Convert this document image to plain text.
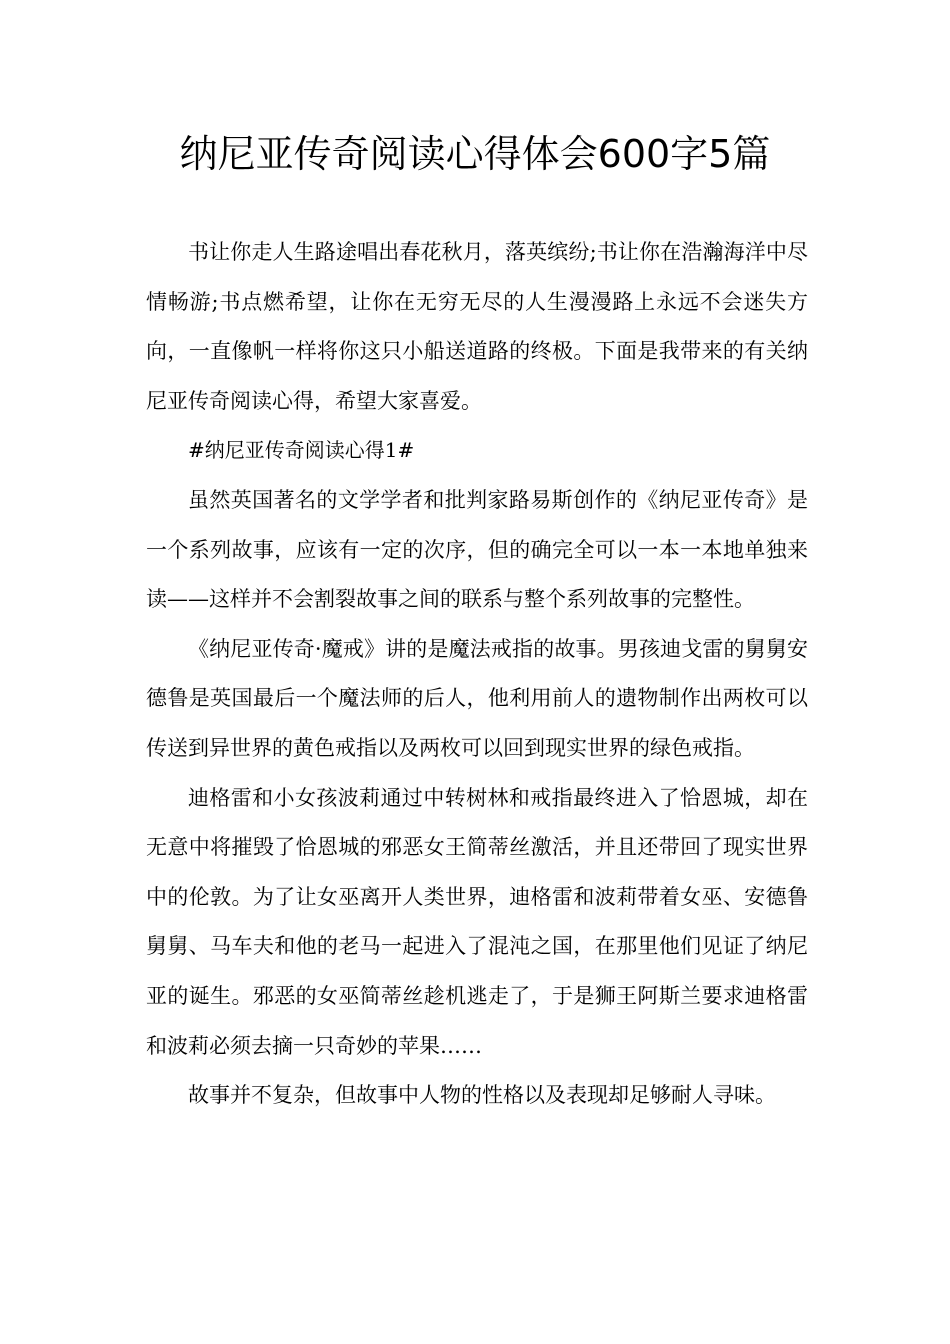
纳尼亚传奇阅读心得体会600字5篇

书让你走人生路途唱出春花秋月，落英缤纷;书让你在浩瀚海洋中尽情畅游;书点燃希望，让你在无穷无尽的人生漫漫路上永远不会迷失方向，一直像帆一样将你这只小船送道路的终极。下面是我带来的有关纳尼亚传奇阅读心得，希望大家喜爱。

#纳尼亚传奇阅读心得1#

虽然英国著名的文学学者和批判家路易斯创作的《纳尼亚传奇》是一个系列故事，应该有一定的次序，但的确完全可以一本一本地单独来读——这样并不会割裂故事之间的联系与整个系列故事的完整性。

《纳尼亚传奇·魔戒》讲的是魔法戒指的故事。男孩迪戈雷的舅舅安德鲁是英国最后一个魔法师的后人，他利用前人的遗物制作出两枚可以传送到异世界的黄色戒指以及两枚可以回到现实世界的绿色戒指。

迪格雷和小女孩波莉通过中转树林和戒指最终进入了恰恩城，却在无意中将摧毁了恰恩城的邪恶女王简蒂丝激活，并且还带回了现实世界中的伦敦。为了让女巫离开人类世界，迪格雷和波莉带着女巫、安德鲁舅舅、马车夫和他的老马一起进入了混沌之国，在那里他们见证了纳尼亚的诞生。邪恶的女巫简蒂丝趁机逃走了，于是狮王阿斯兰要求迪格雷和波莉必须去摘一只奇妙的苹果……

故事并不复杂，但故事中人物的性格以及表现却足够耐人寻味。
